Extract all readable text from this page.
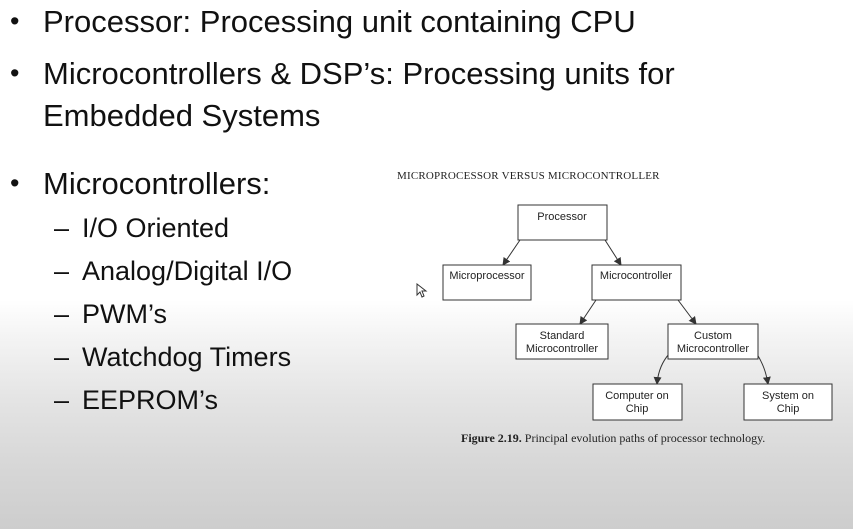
• Processor: Processing unit containing CPU
• Microcontrollers & DSP’s: Processing units for
Embedded Systems
• Microcontrollers:
– I/O Oriented
– Analog/Digital I/O
– PWM’s
– Watchdog Timers
– EEPROM’s
MICROPROCESSOR VERSUS MICROCONTROLLER
Processor
Microprocessor	Microcontroller
Standard
Microcontroller
Custom
Microcontroller
Computer on
Chip
System on
Chip
Figure 2.19. Principal evolution paths of processor technology.
